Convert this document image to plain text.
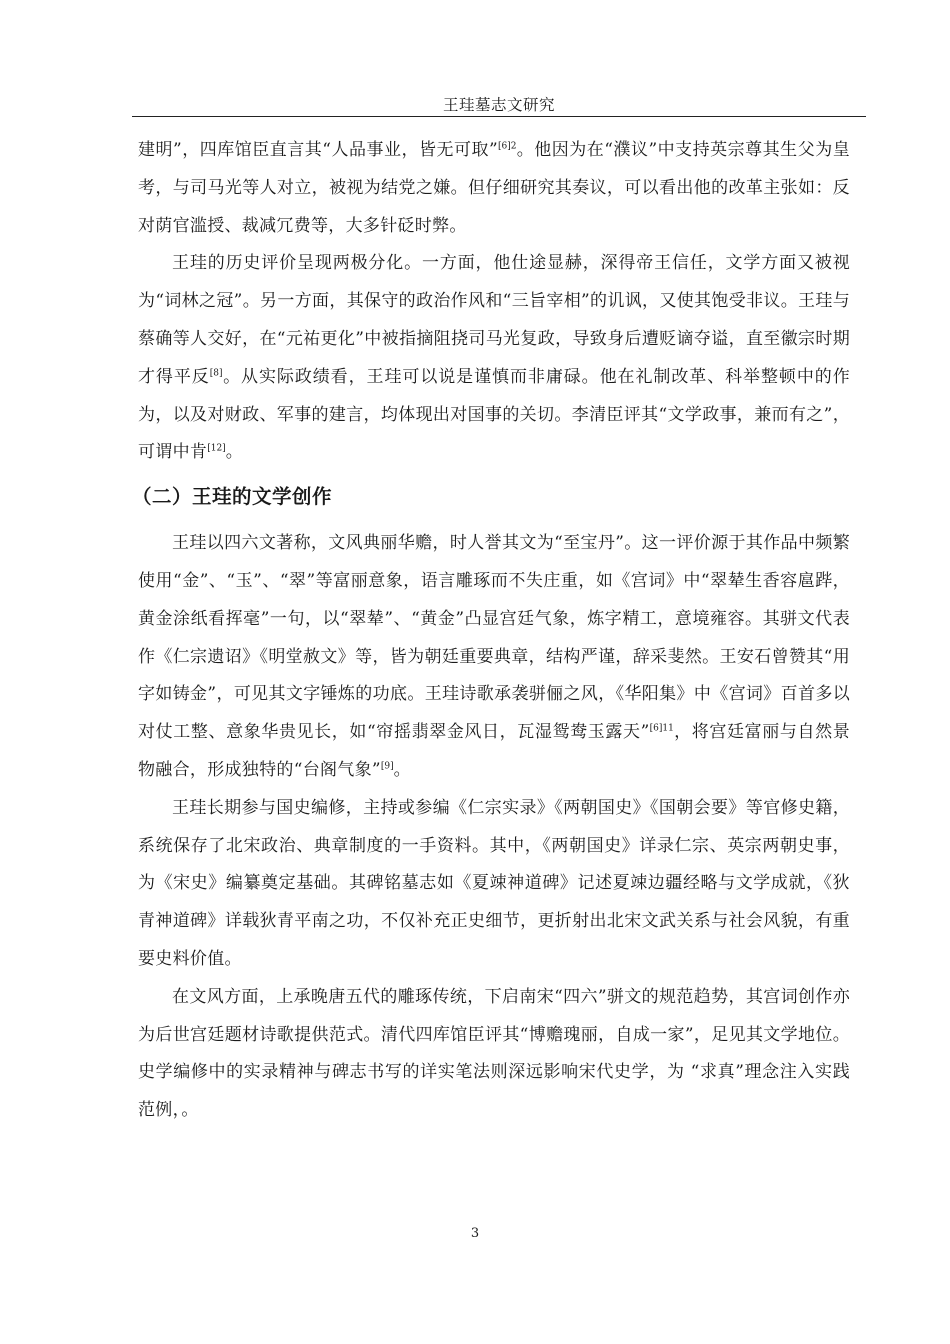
王珪墓志文研究

建明”，四库馆臣直言其“人品事业，皆无可取”$^{[6]2}$。他因为在“濮议”中支持英宗尊其生父为皇考，与司马光等人对立，被视为结党之嫌。但仔细研究其奏议，可以看出他的改革主张如：反对荫官滥授、裁减冗费等，大多针砭时弊。

王珪的历史评价呈现两极分化。一方面，他仕途显赫，深得帝王信任，文学方面又被视为“词林之冠”。另一方面，其保守的政治作风和“三旨宰相”的讥讽，又使其饱受非议。王珪与蔡确等人交好，在“元祐更化”中被指摘阻挠司马光复政，导致身后遭贬谪夺谥，直至徽宗时期才得平反[8]。从实际政绩看，王珪可以说是谨慎而非庸碌。他在礼制改革、科举整顿中的作为，以及对财政、军事的建言，均体现出对国事的关切。李清臣评其“文学政事，兼而有之”，可谓中肯[12]。

（二）王珪的文学创作

王珪以四六文著称，文风典丽华赡，时人誉其文为“至宝丹”。这一评价源于其作品中频繁使用“金”、“玉”、“翠”等富丽意象，语言雕琢而不失庄重，如《宫词》中“翠辇生香容扈跸，黄金涂纸看挥毫”一句，以“翠辇”、“黄金”凸显宫廷气象，炼字精工，意境雍容。其骈文代表作《仁宗遗诏》《明堂赦文》等，皆为朝廷重要典章，结构严谨，辞采斐然。王安石曾赞其“用字如铸金”，可见其文字锤炼的功底。王珪诗歌承袭骈俪之风，《华阳集》中《宫词》百首多以对仗工整、意象华贵见长，如“帘摇翡翠金风日，瓦湿鸳鸯玉露天”$^{[6]11}$，将宫廷富丽与自然景物融合，形成独特的“台阁气象”[9]。

王珪长期参与国史编修，主持或参编《仁宗实录》《两朝国史》《国朝会要》等官修史籍，系统保存了北宋政治、典章制度的一手资料。其中，《两朝国史》详录仁宗、英宗两朝史事，为《宋史》编纂奠定基础。其碑铭墓志如《夏竦神道碑》记述夏竦边疆经略与文学成就，《狄青神道碑》详载狄青平南之功，不仅补充正史细节，更折射出北宋文武关系与社会风貌，有重要史料价值。

在文风方面，上承晚唐五代的雕琢传统，下启南宋“四六”骈文的规范趋势，其宫词创作亦为后世宫廷题材诗歌提供范式。清代四库馆臣评其“博赡瑰丽，自成一家”，足见其文学地位。史学编修中的实录精神与碑志书写的详实笔法则深远影响宋代史学，为 “求真”理念注入实践范例，。

3
